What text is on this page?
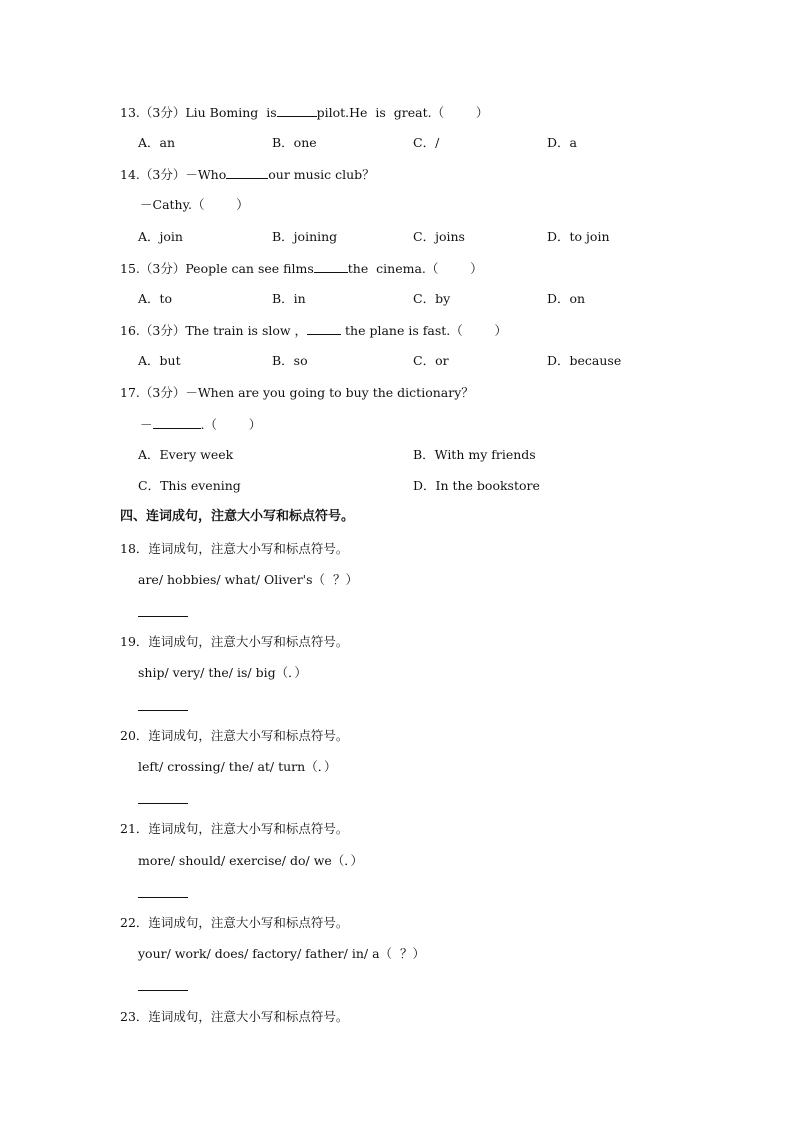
13.（3分）Liu Boming  is	pilot.He  is  great.（        ）
A．an	B．one	C．/	D．a
14.（3分）－Who	our music club？
－Cathy.（        ）
A．join	B．joining	C．joins	D．to join
15.（3分）People can see films	the  cinema.（        ）
A．to	B．in	C．by	D．on
16.（3分）The train is slow ，	the plane is fast.（        ）
A．but	B．so	C．or	D．because
17.（3分）－When are you going to buy the dictionary？
－	.（        ）
A．Every week	B．With my friends
C．This evening	D．In the bookstore
四、连词成句，注意大小写和标点符号。
18．连词成句，注意大小写和标点符号。
are/ hobbies/ what/ Oliver's（  ？）
19．连词成句，注意大小写和标点符号。
ship/ very/ the/ is/ big（．）
20．连词成句，注意大小写和标点符号。
left/ crossing/ the/ at/ turn（．）
21．连词成句，注意大小写和标点符号。
more/ should/ exercise/ do/ we（．）
22．连词成句，注意大小写和标点符号。
your/ work/ does/ factory/ father/ in/ a（  ？）
23．连词成句，注意大小写和标点符号。
